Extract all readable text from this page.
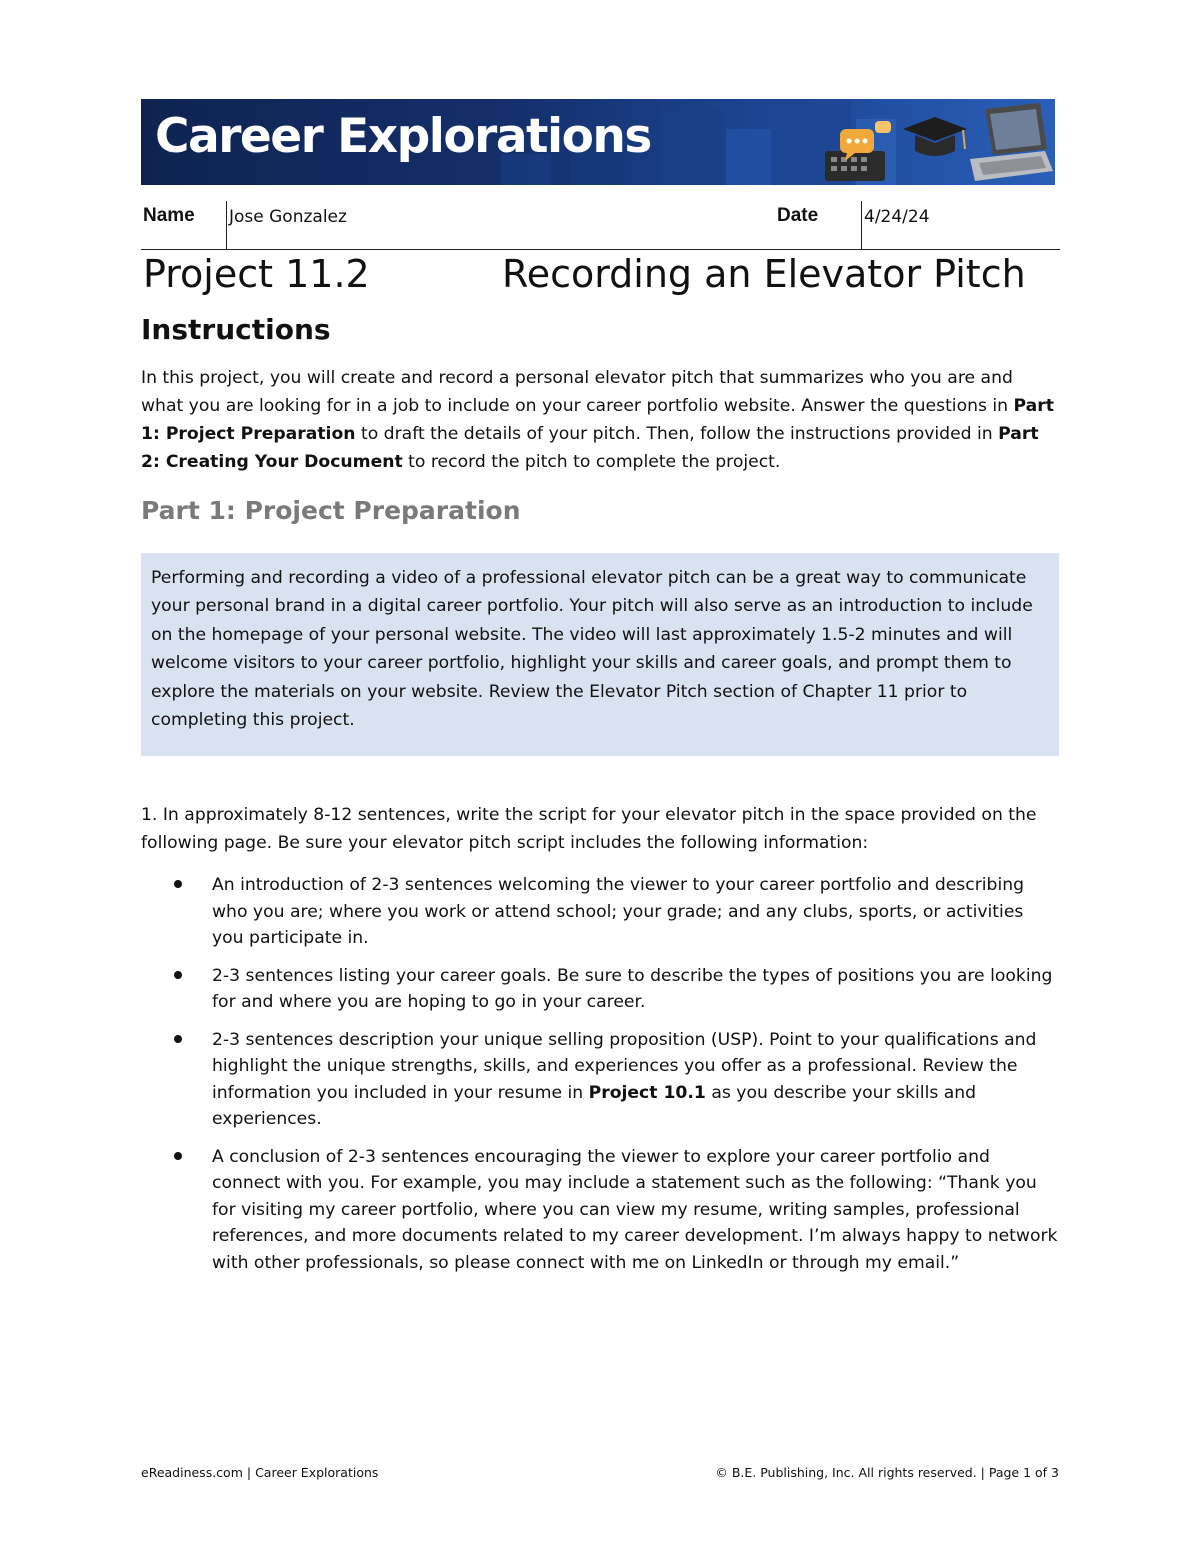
Career Explorations
Name Jose Gonzalez	Date	4/24/24
Project 11.2	Recording an Elevator Pitch
Instructions

In this project, you will create and record a personal elevator pitch that summarizes who you are and what you are looking for in a job to include on your career portfolio website. Answer the questions in Part 1: Project Preparation to draft the details of your pitch. Then, follow the instructions provided in Part 2: Creating Your Document to record the pitch to complete the project.

Part 1: Project Preparation

Performing and recording a video of a professional elevator pitch can be a great way to communicate your personal brand in a digital career portfolio. Your pitch will also serve as an introduction to include on the homepage of your personal website. The video will last approximately 1.5-2 minutes and will welcome visitors to your career portfolio, highlight your skills and career goals, and prompt them to explore the materials on your website. Review the Elevator Pitch section of Chapter 11 prior to completing this project.

1. In approximately 8-12 sentences, write the script for your elevator pitch in the space provided on the following page. Be sure your elevator pitch script includes the following information:

An introduction of 2-3 sentences welcoming the viewer to your career portfolio and describing who you are; where you work or attend school; your grade; and any clubs, sports, or activities you participate in.
2-3 sentences listing your career goals. Be sure to describe the types of positions you are looking for and where you are hoping to go in your career.
2-3 sentences description your unique selling proposition (USP). Point to your qualifications and highlight the unique strengths, skills, and experiences you offer as a professional. Review the information you included in your resume in Project 10.1 as you describe your skills and experiences.
A conclusion of 2-3 sentences encouraging the viewer to explore your career portfolio and connect with you. For example, you may include a statement such as the following: “Thank you for visiting my career portfolio, where you can view my resume, writing samples, professional references, and more documents related to my career development. I’m always happy to network with other professionals, so please connect with me on LinkedIn or through my email.”
eReadiness.com | Career Explorations	© B.E. Publishing, Inc. All rights reserved. | Page 1 of 3
